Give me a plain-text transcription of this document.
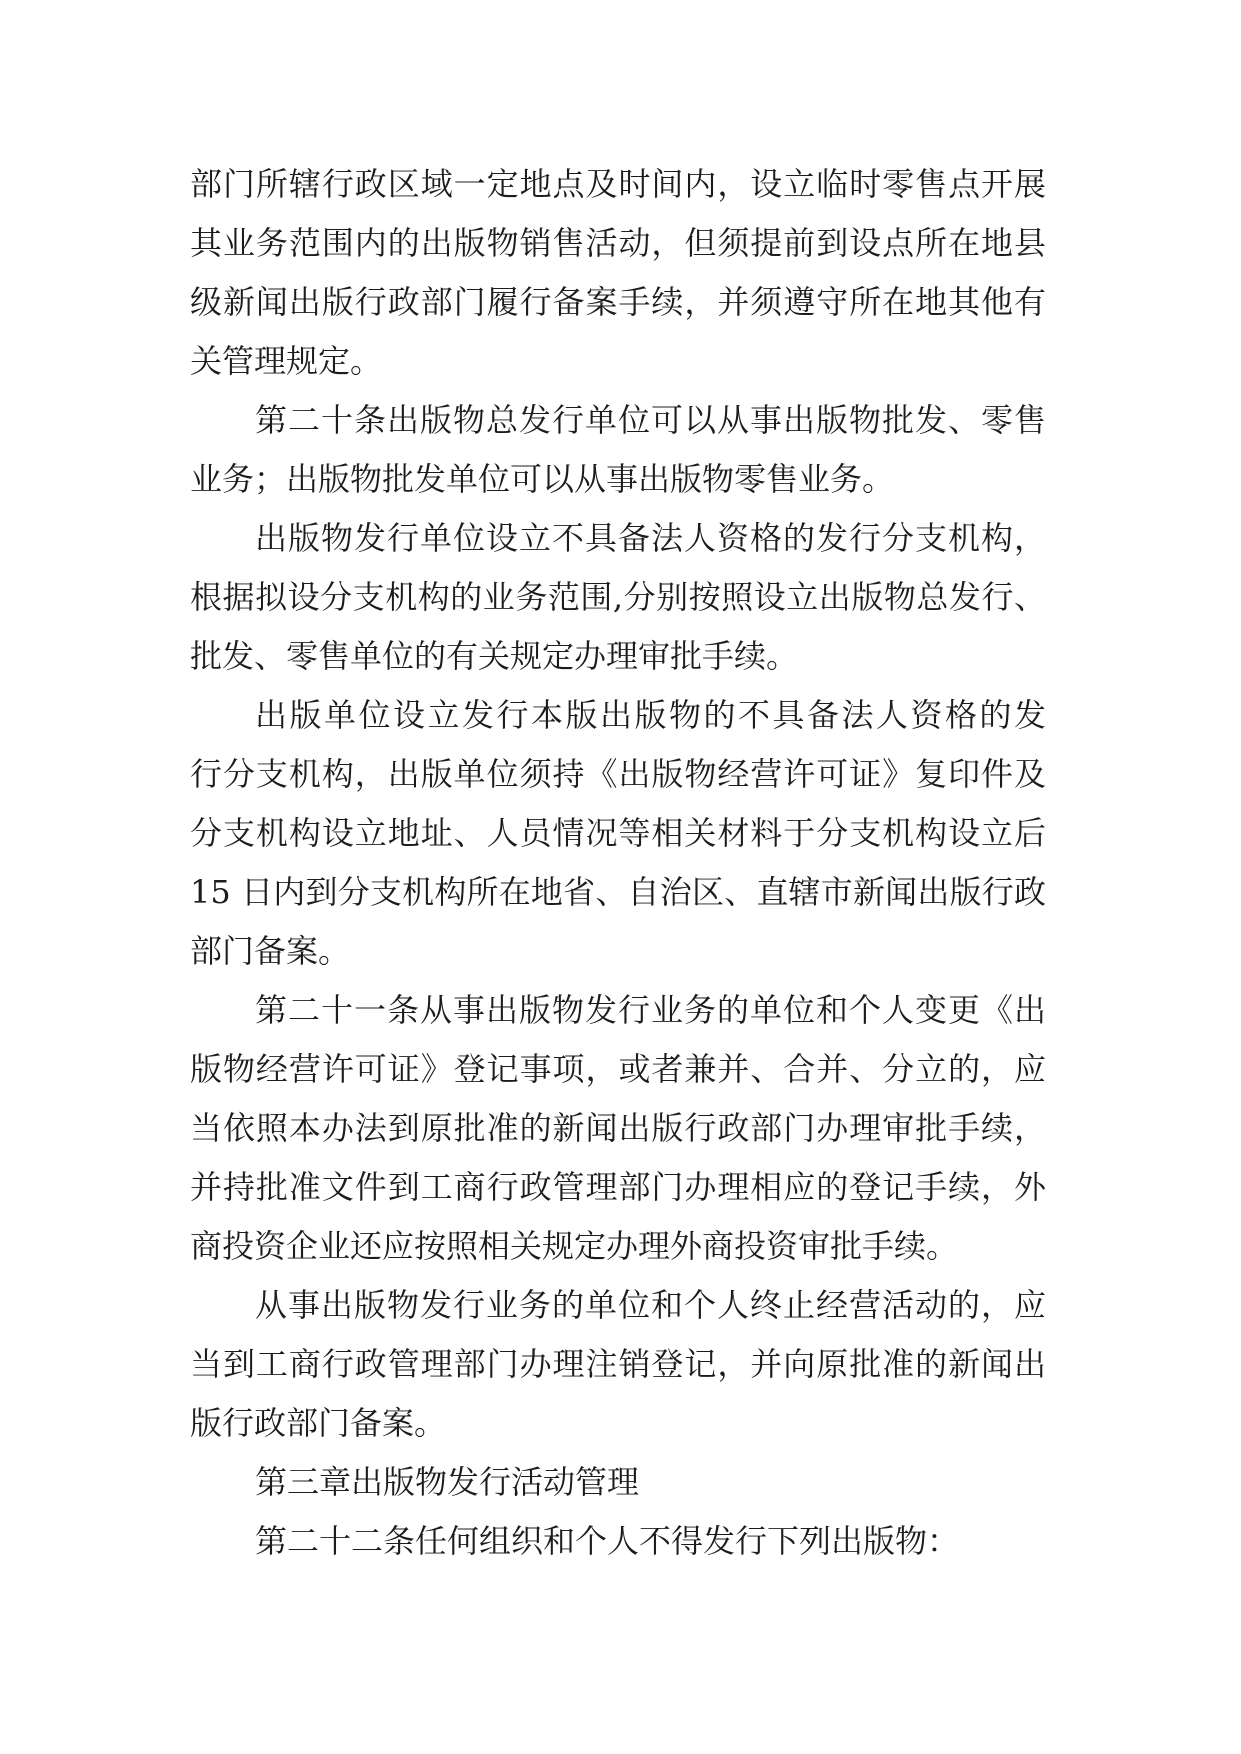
部门所辖行政区域一定地点及时间内，设立临时零售点开展

其业务范围内的出版物销售活动，但须提前到设点所在地县

级新闻出版行政部门履行备案手续，并须遵守所在地其他有

关管理规定。

第二十条出版物总发行单位可以从事出版物批发、零售

业务；出版物批发单位可以从事出版物零售业务。

出版物发行单位设立不具备法人资格的发行分支机构，

根据拟设分支机构的业务范围,分别按照设立出版物总发行、

批发、零售单位的有关规定办理审批手续。

出版单位设立发行本版出版物的不具备法人资格的发

行分支机构，出版单位须持《出版物经营许可证》复印件及

分支机构设立地址、人员情况等相关材料于分支机构设立后

15 日内到分支机构所在地省、自治区、直辖市新闻出版行政

部门备案。

第二十一条从事出版物发行业务的单位和个人变更《出

版物经营许可证》登记事项，或者兼并、合并、分立的，应

当依照本办法到原批准的新闻出版行政部门办理审批手续，

并持批准文件到工商行政管理部门办理相应的登记手续，外

商投资企业还应按照相关规定办理外商投资审批手续。

从事出版物发行业务的单位和个人终止经营活动的，应

当到工商行政管理部门办理注销登记，并向原批准的新闻出

版行政部门备案。

第三章出版物发行活动管理

第二十二条任何组织和个人不得发行下列出版物：
